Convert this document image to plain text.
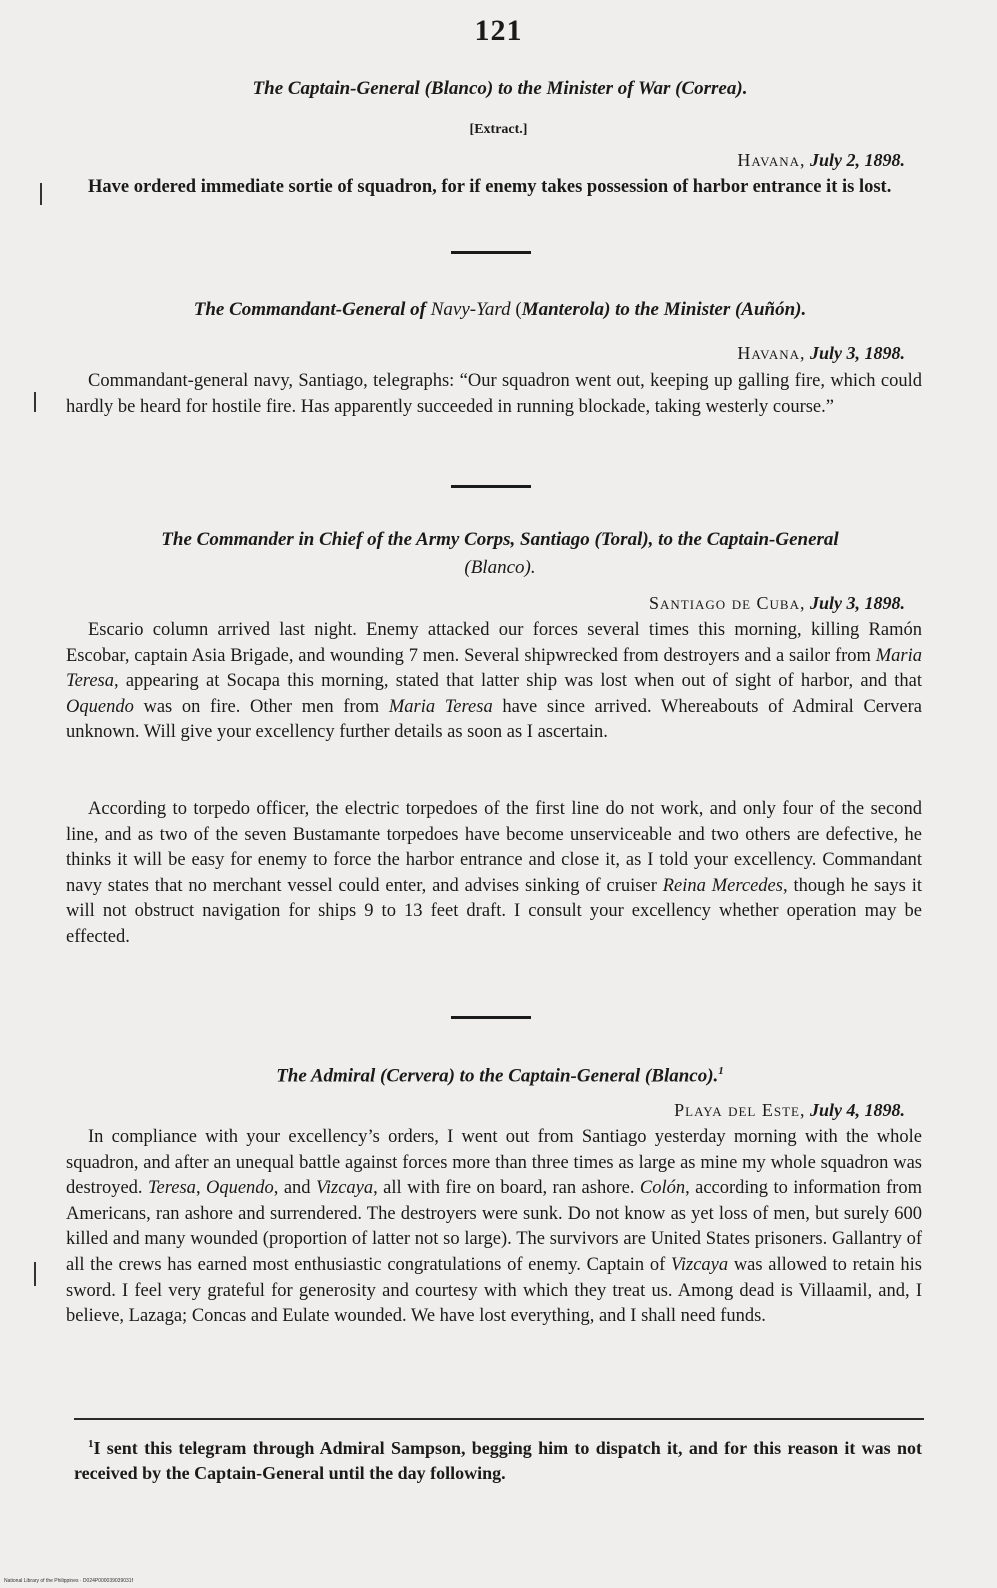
121
The Captain-General (Blanco) to the Minister of War (Correa).
[Extract.]
Havana, July 2, 1898.

Have ordered immediate sortie of squadron, for if enemy takes possession of harbor entrance it is lost.

The Commandant-General of Navy-Yard (Manterola) to the Minister (Auñón).
Havana, July 3, 1898.

Commandant-general navy, Santiago, telegraphs: “Our squadron went out, keeping up galling fire, which could hardly be heard for hostile fire. Has apparently succeeded in running blockade, taking westerly course.”

The Commander in Chief of the Army Corps, Santiago (Toral), to the Captain-General
(Blanco).
Santiago de Cuba, July 3, 1898.

Escario column arrived last night. Enemy attacked our forces several times this morning, killing Ramón Escobar, captain Asia Brigade, and wounding 7 men. Several shipwrecked from destroyers and a sailor from Maria Teresa, appearing at Socapa this morning, stated that latter ship was lost when out of sight of harbor, and that Oquendo was on fire. Other men from Maria Teresa have since arrived. Whereabouts of Admiral Cervera unknown. Will give your excellency further details as soon as I ascertain.

According to torpedo officer, the electric torpedoes of the first line do not work, and only four of the second line, and as two of the seven Bustamante torpedoes have become unserviceable and two others are defective, he thinks it will be easy for enemy to force the harbor entrance and close it, as I told your excellency. Commandant navy states that no merchant vessel could enter, and advises sinking of cruiser Reina Mercedes, though he says it will not obstruct navigation for ships 9 to 13 feet draft. I consult your excellency whether operation may be effected.

The Admiral (Cervera) to the Captain-General (Blanco).$^1$
Playa del Este, July 4, 1898.

In compliance with your excellency’s orders, I went out from Santiago yesterday morning with the whole squadron, and after an unequal battle against forces more than three times as large as mine my whole squadron was destroyed. Teresa, Oquendo, and Vizcaya, all with fire on board, ran ashore. Colón, according to information from Americans, ran ashore and surrendered. The destroyers were sunk. Do not know as yet loss of men, but surely 600 killed and many wounded (proportion of latter not so large). The survivors are United States prisoners. Gallantry of all the crews has earned most enthusiastic congratulations of enemy. Captain of Vizcaya was allowed to retain his sword. I feel very grateful for generosity and courtesy with which they treat us. Among dead is Villaamil, and, I believe, Lazaga; Concas and Eulate wounded. We have lost everything, and I shall need funds.

$^1$I sent this telegram through Admiral Sampson, begging him to dispatch it, and for this reason it was not received by the Captain-General until the day following.

National Library of the Philippines · D024P000039039031f
